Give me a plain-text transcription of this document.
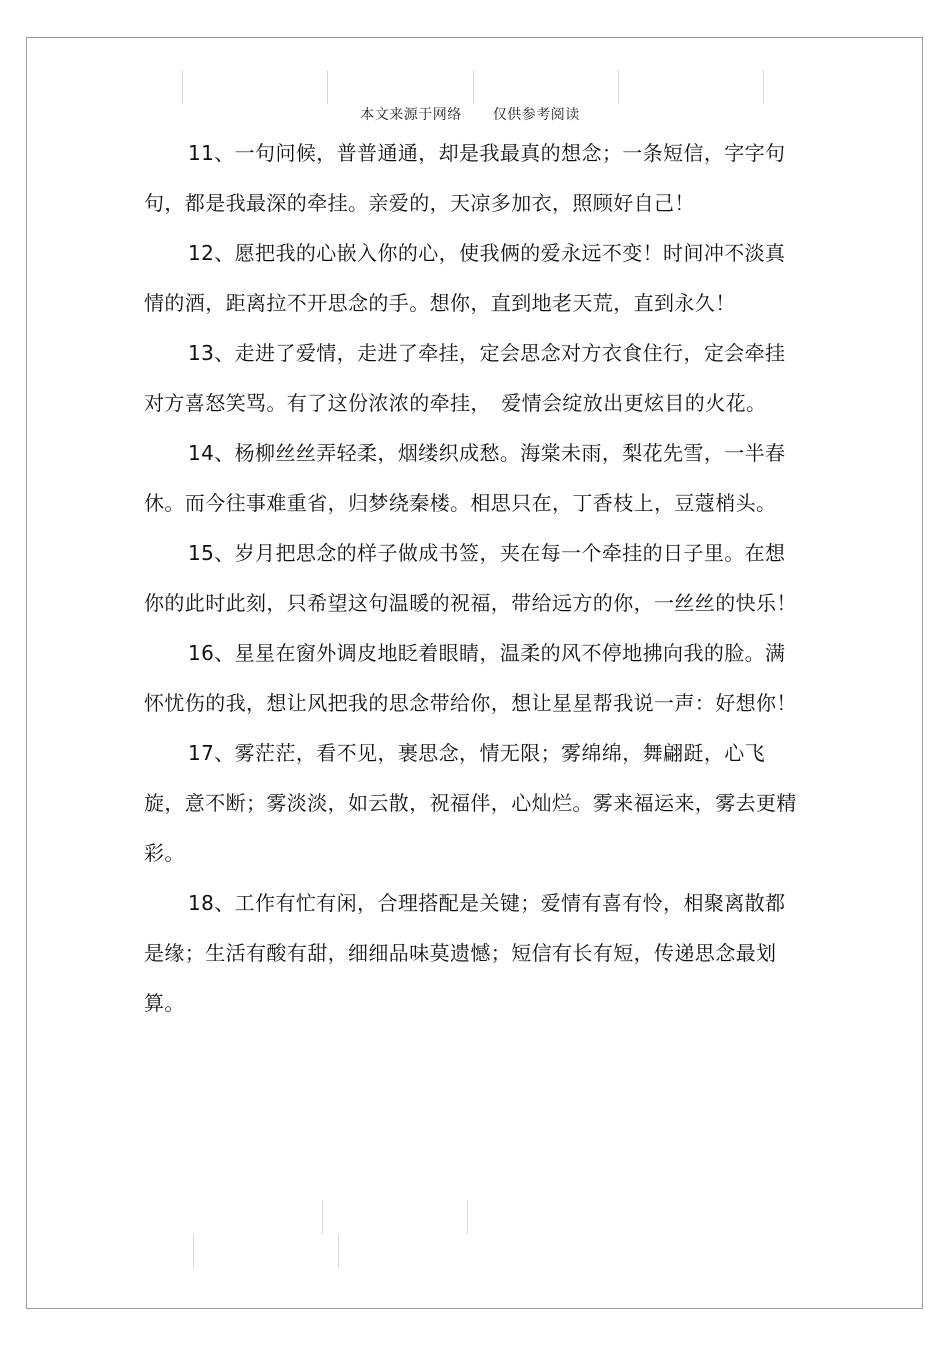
本文来源于网络 仅供参考阅读

11、一句问候，普普通通，却是我最真的想念；一条短信，字字句句，都是我最深的牵挂。亲爱的，天凉多加衣，照顾好自己！

12、愿把我的心嵌入你的心，使我俩的爱永远不变！时间冲不淡真情的酒，距离拉不开思念的手。想你，直到地老天荒，直到永久！

13、走进了爱情，走进了牵挂，定会思念对方衣食住行，定会牵挂对方喜怒笑骂。有了这份浓浓的牵挂，　爱情会绽放出更炫目的火花。

14、杨柳丝丝弄轻柔，烟缕织成愁。海棠未雨，梨花先雪，一半春休。而今往事难重省，归梦绕秦楼。相思只在，丁香枝上，豆蔻梢头。

15、岁月把思念的样子做成书签，夹在每一个牵挂的日子里。在想你的此时此刻，只希望这句温暖的祝福，带给远方的你，一丝丝的快乐！

16、星星在窗外调皮地眨着眼睛，温柔的风不停地拂向我的脸。满怀忧伤的我，想让风把我的思念带给你，想让星星帮我说一声：好想你！

17、雾茫茫，看不见，裹思念，情无限；雾绵绵，舞翩跹，心飞旋，意不断；雾淡淡，如云散，祝福伴，心灿烂。雾来福运来，雾去更精彩。

18、工作有忙有闲，合理搭配是关键；爱情有喜有怜，相聚离散都是缘；生活有酸有甜，细细品味莫遗憾；短信有长有短，传递思念最划算。
